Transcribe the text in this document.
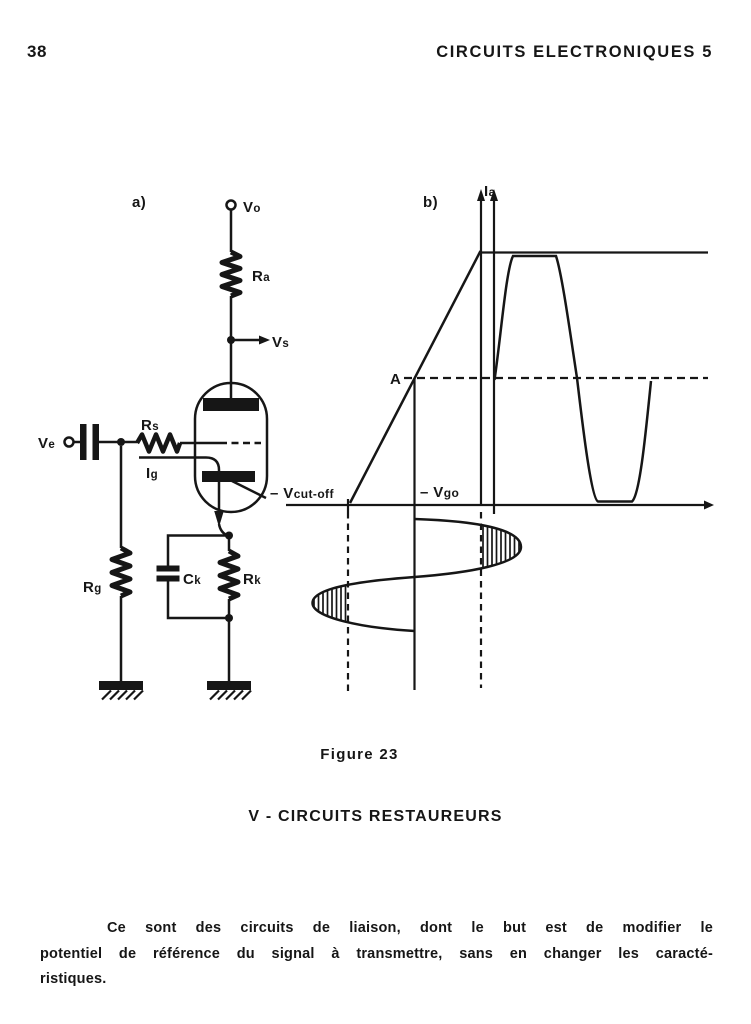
38	CIRCUITS ELECTRONIQUES 5
a)	Vo
Ra
Vs
– Vcut-off
Ig
Ve
Rs
Rg
Ck	Rk
b)
Ia
A
– Vgo
Figure 23
V - CIRCUITS RESTAUREURS
Ce sont des circuits de liaison, dont le but est de modifier le
potentiel de référence du signal à transmettre, sans en changer les caracté-
ristiques.
